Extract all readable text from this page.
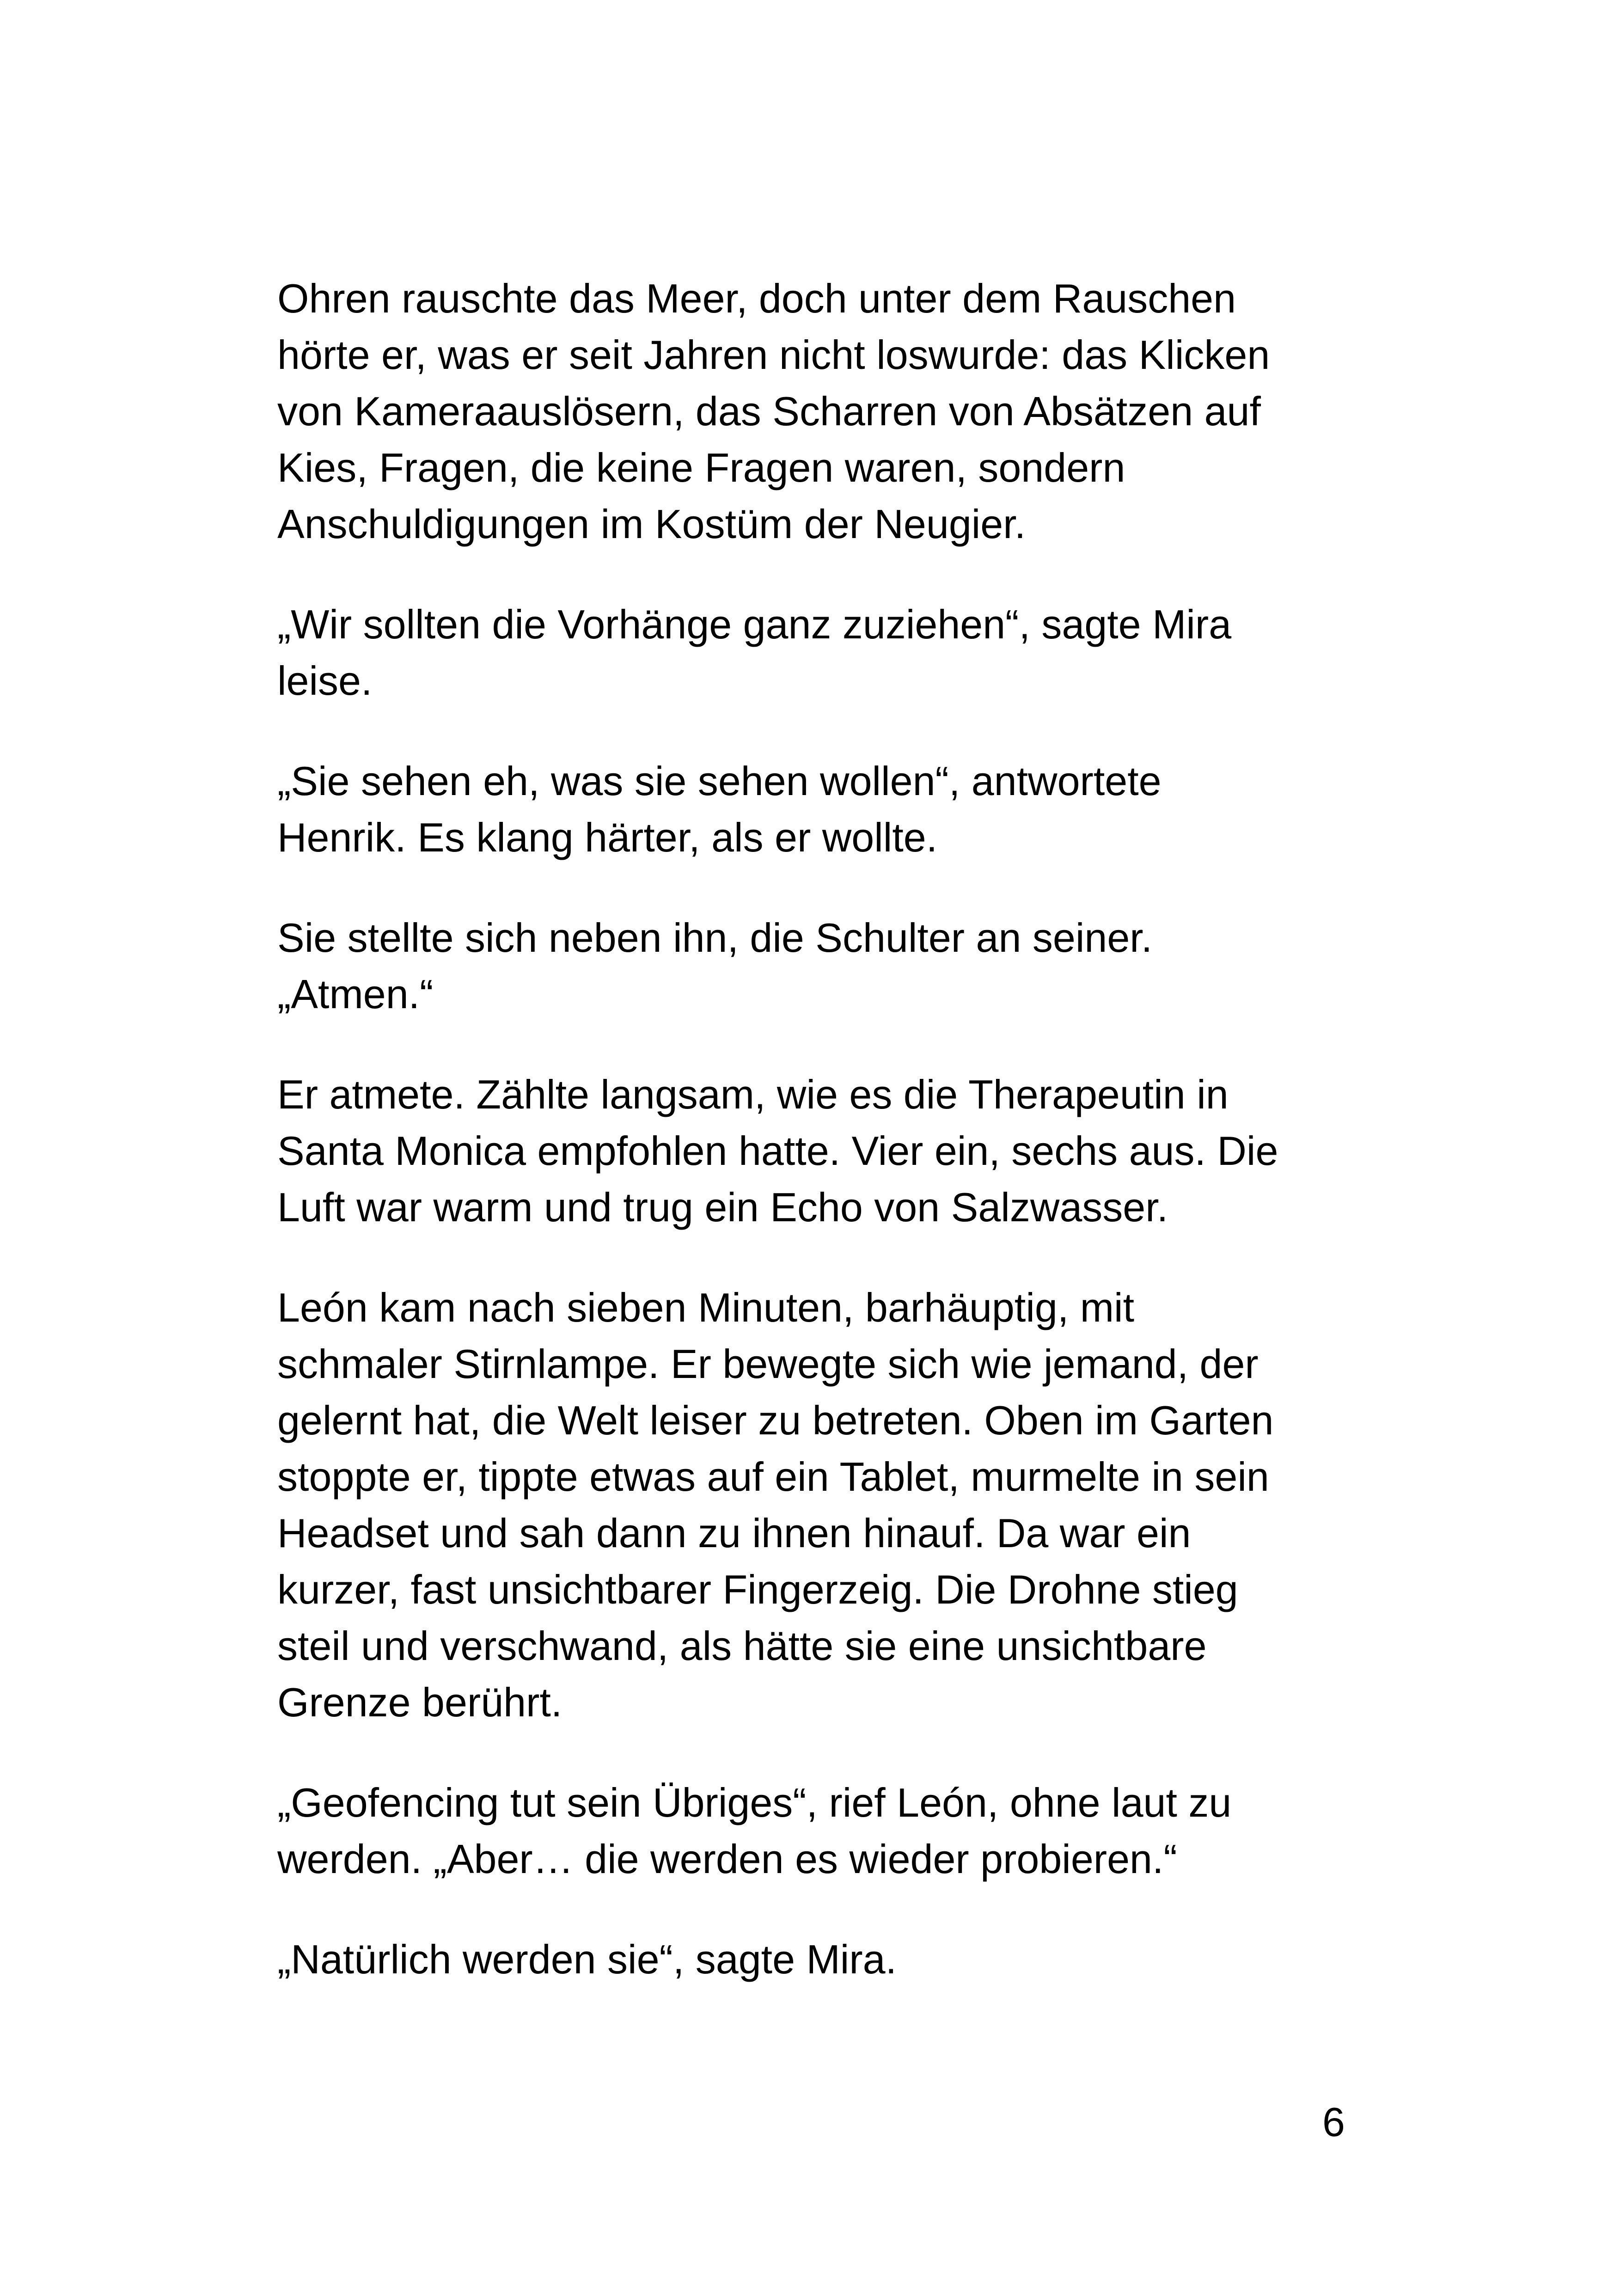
Ohren rauschte das Meer, doch unter dem Rauschen
hörte er, was er seit Jahren nicht loswurde: das Klicken
von Kameraauslösern, das Scharren von Absätzen auf
Kies, Fragen, die keine Fragen waren, sondern
Anschuldigungen im Kostüm der Neugier.

„Wir sollten die Vorhänge ganz zuziehen“, sagte Mira
leise.

„Sie sehen eh, was sie sehen wollen“, antwortete
Henrik. Es klang härter, als er wollte.

Sie stellte sich neben ihn, die Schulter an seiner.
„Atmen.“

Er atmete. Zählte langsam, wie es die Therapeutin in
Santa Monica empfohlen hatte. Vier ein, sechs aus. Die
Luft war warm und trug ein Echo von Salzwasser.

León kam nach sieben Minuten, barhäuptig, mit
schmaler Stirnlampe. Er bewegte sich wie jemand, der
gelernt hat, die Welt leiser zu betreten. Oben im Garten
stoppte er, tippte etwas auf ein Tablet, murmelte in sein
Headset und sah dann zu ihnen hinauf. Da war ein
kurzer, fast unsichtbarer Fingerzeig. Die Drohne stieg
steil und verschwand, als hätte sie eine unsichtbare
Grenze berührt.

„Geofencing tut sein Übriges“, rief León, ohne laut zu
werden. „Aber… die werden es wieder probieren.“

„Natürlich werden sie“, sagte Mira.

6
